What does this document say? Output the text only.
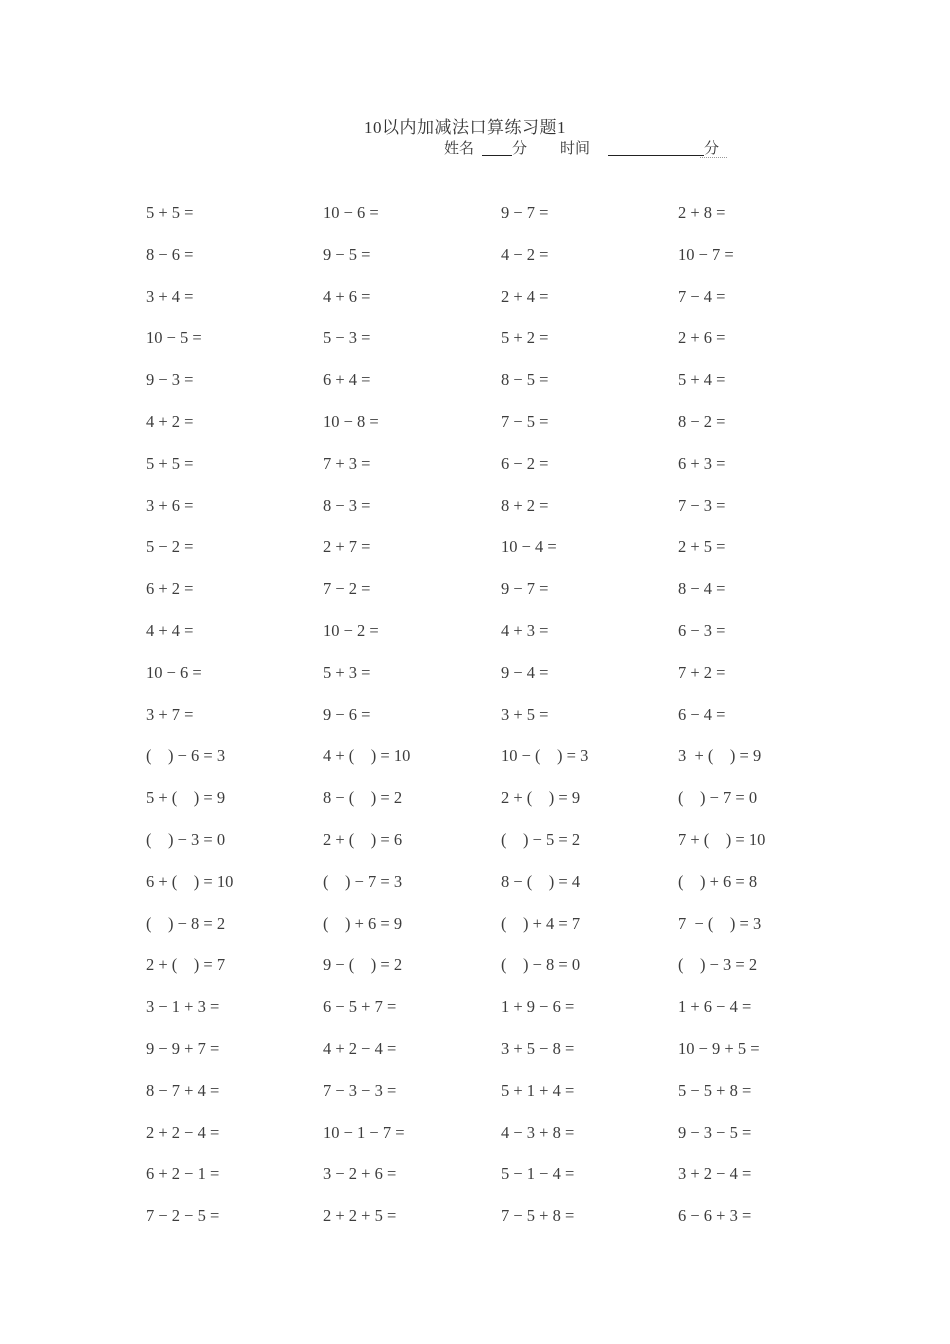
10以内加减法口算练习题1
姓名	分 时间	分
5 + 5 =	10 − 6 =	9 − 7 =	2 + 8 =
8 − 6 =	9 − 5 =	4 − 2 =	10 − 7 =
3 + 4 =	4 + 6 =	2 + 4 =	7 − 4 =
10 − 5 =	5 − 3 =	5 + 2 =	2 + 6 =
9 − 3 =	6 + 4 =	8 − 5 =	5 + 4 =
4 + 2 =	10 − 8 =	7 − 5 =	8 − 2 =
5 + 5 =	7 + 3 =	6 − 2 =	6 + 3 =
3 + 6 =	8 − 3 =	8 + 2 =	7 − 3 =
5 − 2 =	2 + 7 =	10 − 4 =	2 + 5 =
6 + 2 =	7 − 2 =	9 − 7 =	8 − 4 =
4 + 4 =	10 − 2 =	4 + 3 =	6 − 3 =
10 − 6 =	5 + 3 =	9 − 4 =	7 + 2 =
3 + 7 =	9 − 6 =	3 + 5 =	6 − 4 =
(    ) − 6 = 3	4 + (    ) = 10	10 − (    ) = 3	3  + (    ) = 9
5 + (    ) = 9	8 − (    ) = 2	2 + (    ) = 9	(    ) − 7 = 0
(    ) − 3 = 0	2 + (    ) = 6	(    ) − 5 = 2	7 + (    ) = 10
6 + (    ) = 10	(    ) − 7 = 3	8 − (    ) = 4	(    ) + 6 = 8
(    ) − 8 = 2	(    ) + 6 = 9	(    ) + 4 = 7	7  − (    ) = 3
2 + (    ) = 7	9 − (    ) = 2	(    ) − 8 = 0	(    ) − 3 = 2
3 − 1 + 3 =	6 − 5 + 7 =	1 + 9 − 6 =	1 + 6 − 4 =
9 − 9 + 7 =	4 + 2 − 4 =	3 + 5 − 8 =	10 − 9 + 5 =
8 − 7 + 4 =	7 − 3 − 3 =	5 + 1 + 4 =	5 − 5 + 8 =
2 + 2 − 4 =	10 − 1 − 7 =	4 − 3 + 8 =	9 − 3 − 5 =
6 + 2 − 1 =	3 − 2 + 6 =	5 − 1 − 4 =	3 + 2 − 4 =
7 − 2 − 5 =	2 + 2 + 5 =	7 − 5 + 8 =	6 − 6 + 3 =
